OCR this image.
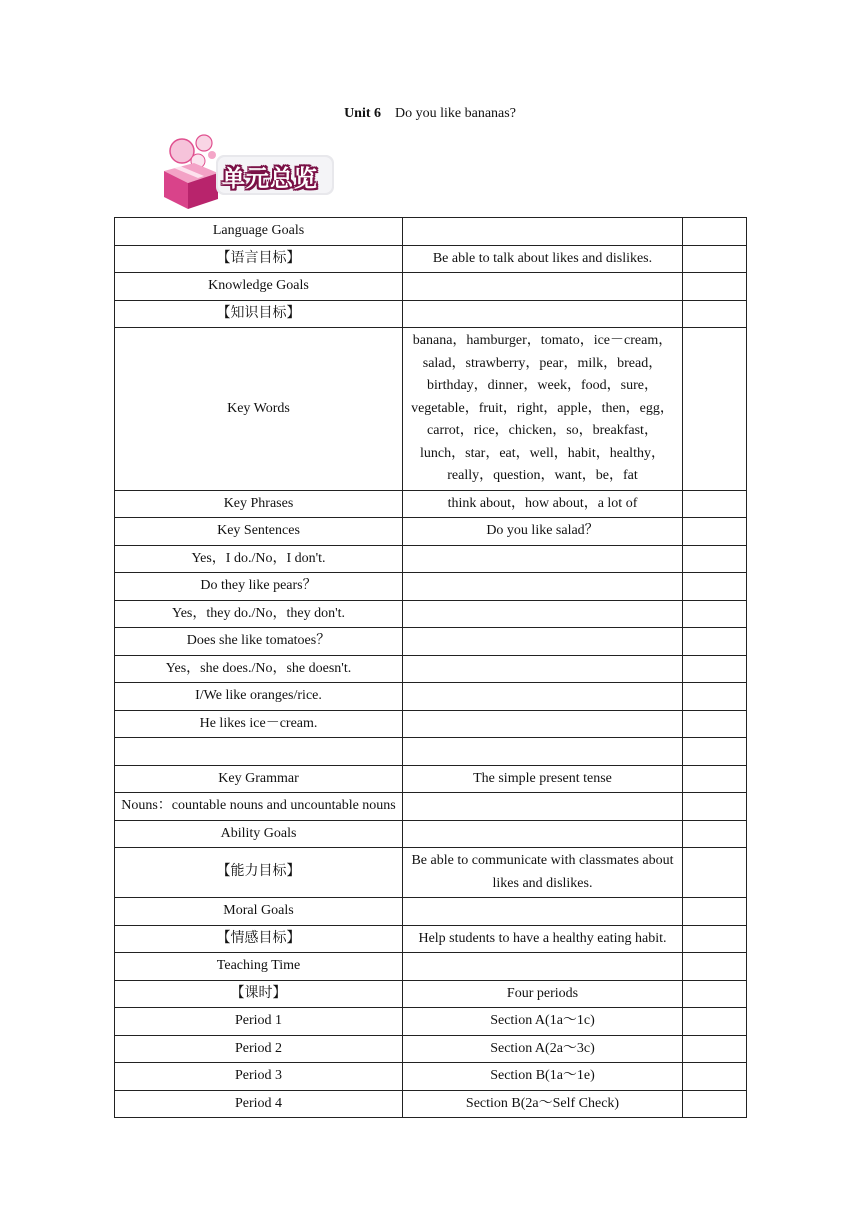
Unit 6 Do you like bananas?
单元总览
Language Goals		
【语言目标】	Be able to talk about likes and dislikes.	
Knowledge Goals		
【知识目标】		
Key Words	banana，hamburger，tomato，ice－cream，salad，strawberry，pear，milk，bread，birthday，dinner，week，food，sure，vegetable，fruit，right，apple，then，egg，carrot，rice，chicken，so，breakfast，lunch，star，eat，well，habit，healthy，really，question，want，be，fat	
Key Phrases	think about，how about，a lot of	
Key Sentences	Do you like salad？	
Yes，I do./No，I don't.		
Do they like pears？		
Yes，they do./No，they don't.		
Does she like tomatoes？		
Yes，she does./No，she doesn't.		
I/We like oranges/rice.		
He likes ice－cream.		

Key Grammar	The simple present tense	
Nouns：countable nouns and uncountable nouns		
Ability Goals		
【能力目标】	Be able to communicate with classmates about likes and dislikes.	
Moral Goals		
【情感目标】	Help students to have a healthy eating habit.	
Teaching Time		
【课时】	Four periods	
Period 1	Section A(1a～1c)	
Period 2	Section A(2a～3c)	
Period 3	Section B(1a～1e)	
Period 4	Section B(2a～Self Check)	
